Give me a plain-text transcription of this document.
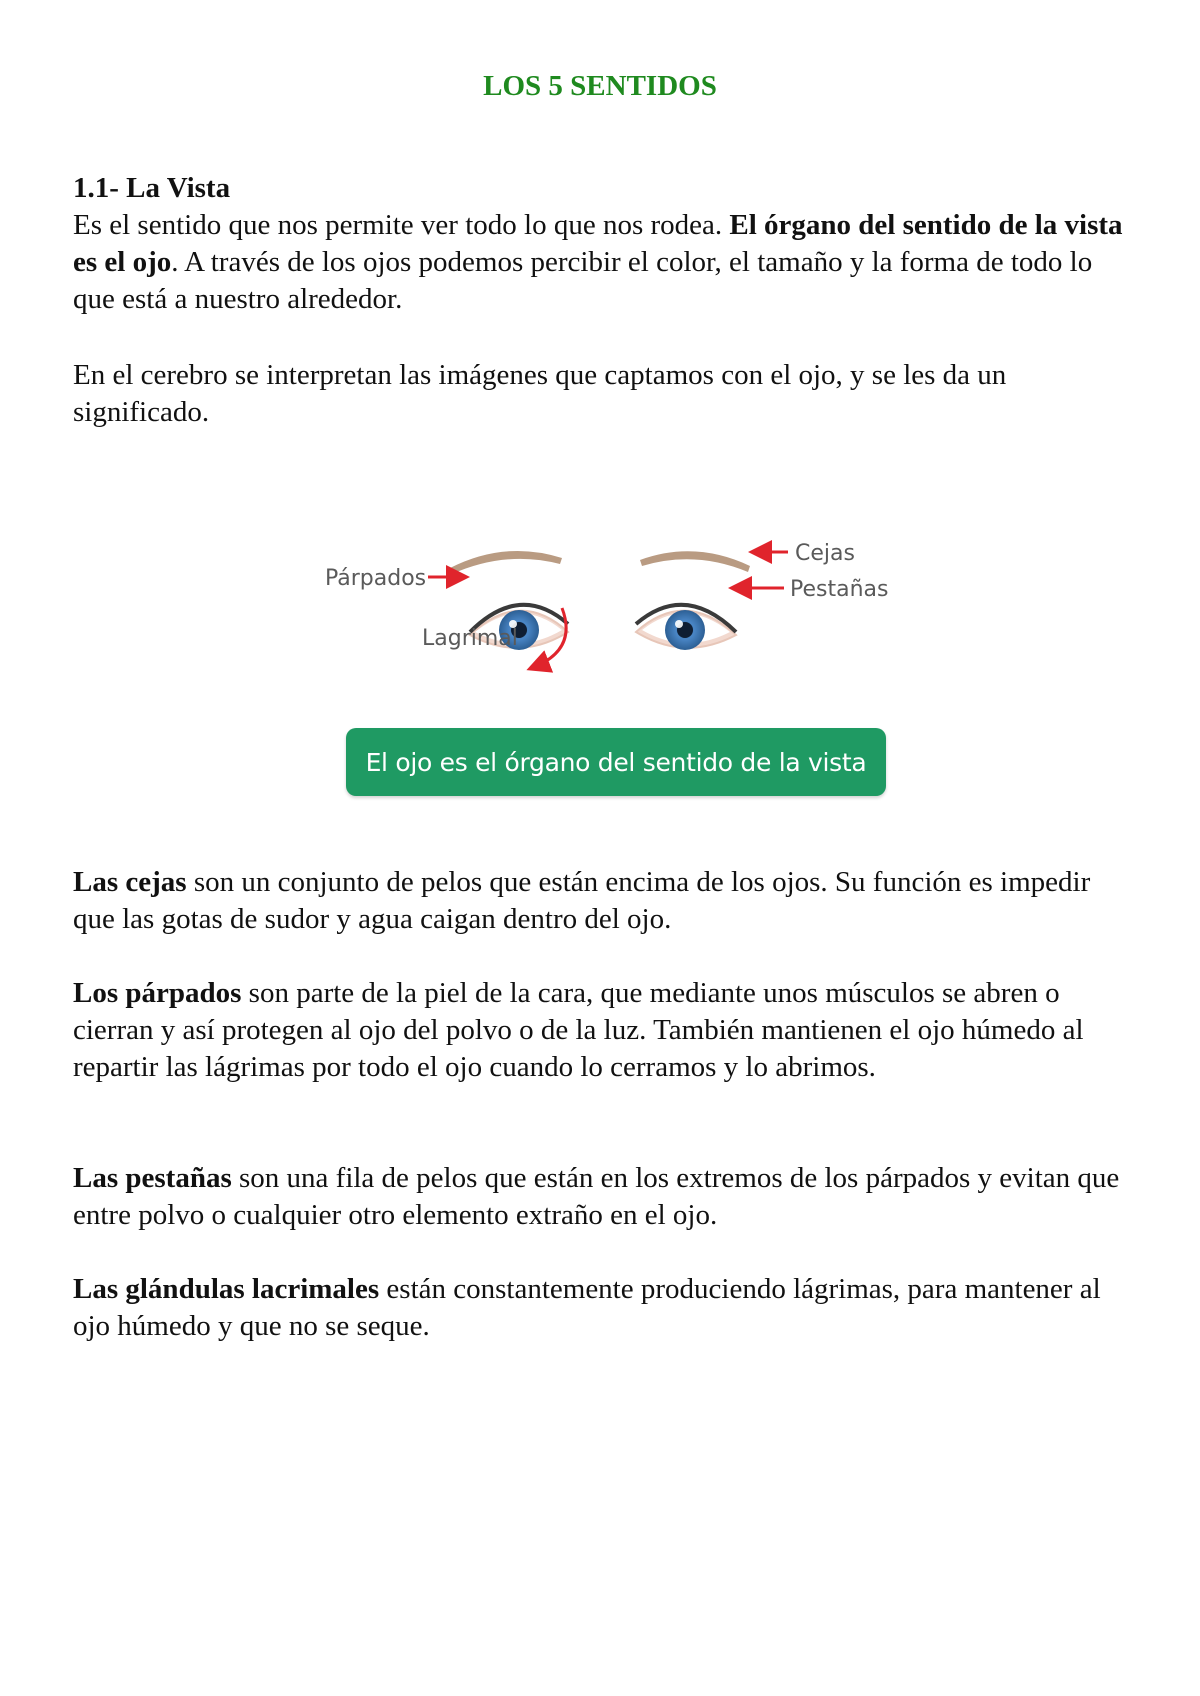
LOS 5 SENTIDOS

1.1- La Vista
Es el sentido que nos permite ver todo lo que nos rodea. El órgano del sentido de la vista es el ojo. A través de los ojos podemos percibir el color, el tamaño y la forma de todo lo que está a nuestro alrededor.

En el cerebro se interpretan las imágenes que captamos con el ojo, y se les da un significado.

Párpados
Lagrimal
Cejas
Pestañas
El ojo es el órgano del sentido de la vista

Las cejas son un conjunto de pelos que están encima de los ojos. Su función es impedir que las gotas de sudor y agua caigan dentro del ojo.

Los párpados son parte de la piel de la cara, que mediante unos músculos se abren o cierran y así protegen al ojo del polvo o de la luz. También mantienen el ojo húmedo al repartir las lágrimas por todo el ojo cuando lo cerramos y lo abrimos.

Las pestañas son una fila de pelos que están en los extremos de los párpados y evitan que entre polvo o cualquier otro elemento extraño en el ojo.

Las glándulas lacrimales están constantemente produciendo lágrimas, para mantener al ojo húmedo y que no se seque.
